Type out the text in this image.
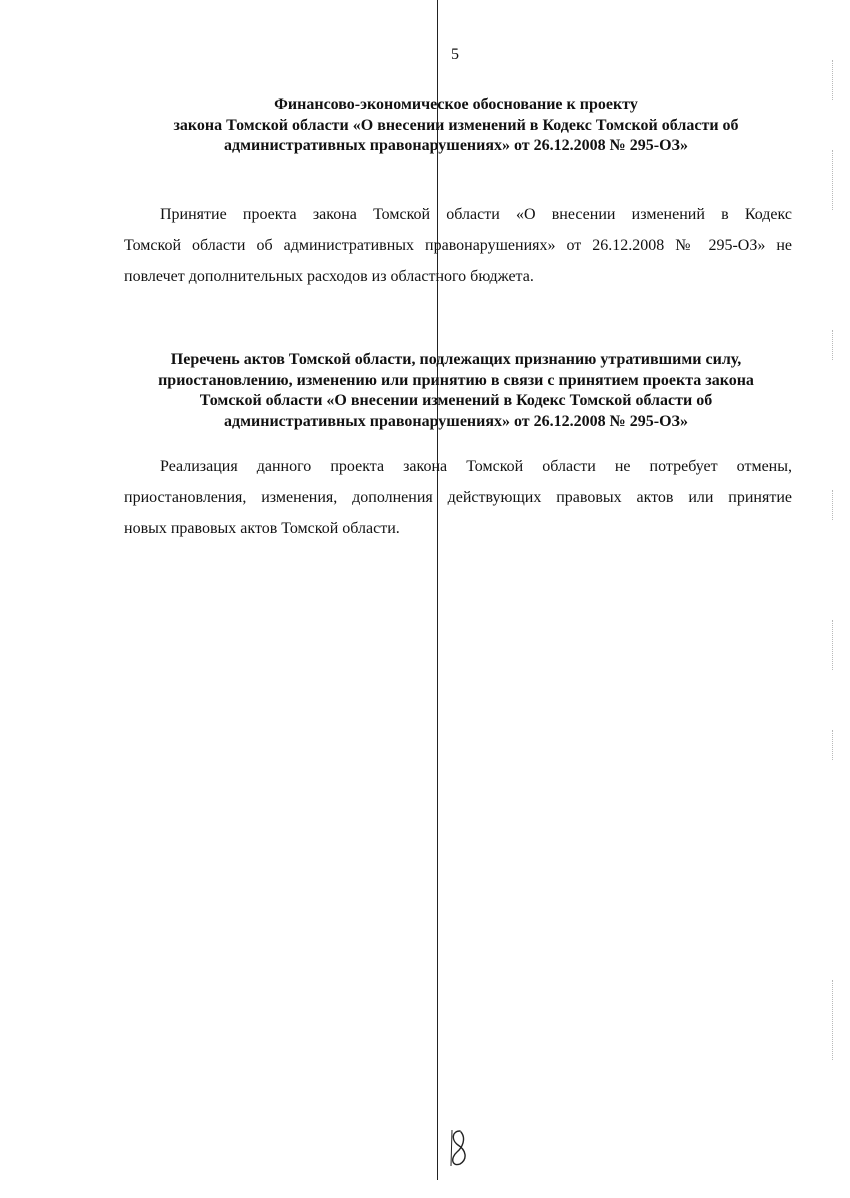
5
Финансово-экономическое обоснование к проекту
закона Томской области «О внесении изменений в Кодекс Томской области об
административных правонарушениях» от 26.12.2008 № 295-ОЗ»
Принятие проекта закона Томской области «О внесении изменений в Кодекс
Томской области об административных правонарушениях» от 26.12.2008 № 295-ОЗ» не
повлечет дополнительных расходов из областного бюджета.
Перечень актов Томской области, подлежащих признанию утратившими силу,
приостановлению, изменению или принятию в связи с принятием проекта закона
Томской области «О внесении изменений в Кодекс Томской области об
административных правонарушениях» от 26.12.2008 № 295-ОЗ»
Реализация данного проекта закона Томской области не потребует отмены,
приостановления, изменения, дополнения действующих правовых актов или принятие
новых правовых актов Томской области.
